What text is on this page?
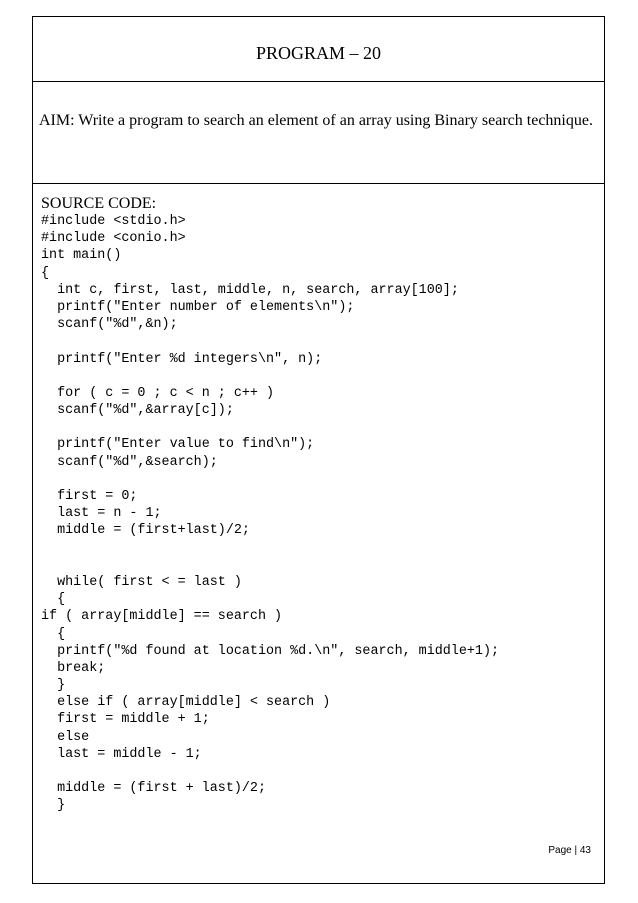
PROGRAM – 20
AIM: Write a program to search an element of an array using Binary search technique.
SOURCE CODE:
#include <stdio.h>
#include <conio.h>
int main()
{
int c, first, last, middle, n, search, array[100];
printf("Enter number of elements\n");
scanf("%d",&n);
printf("Enter %d integers\n", n);
for ( c = 0 ; c < n ; c++ )
scanf("%d",&array[c]);
printf("Enter value to find\n");
scanf("%d",&search);
first = 0;
last = n - 1;
middle = (first+last)/2;
while( first < = last )
{
if ( array[middle] == search )
{
printf("%d found at location %d.\n", search, middle+1);
break;
}
else if ( array[middle] < search )
first = middle + 1;
else
last = middle - 1;
middle = (first + last)/2;
}
Page | 43
